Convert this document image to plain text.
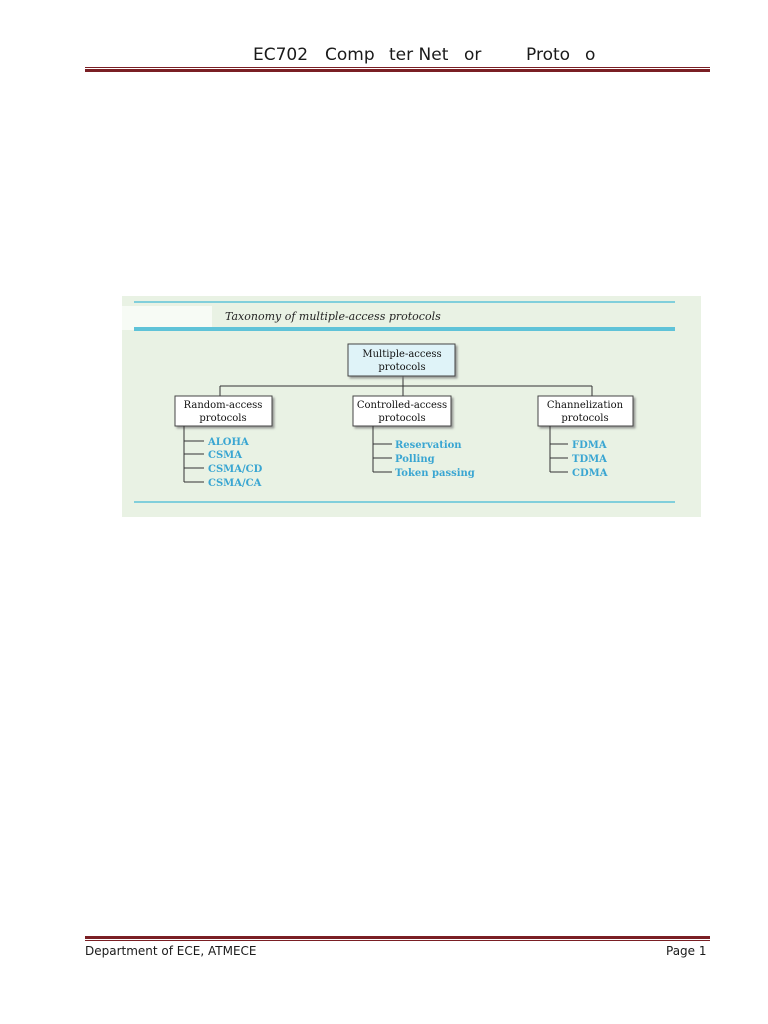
EC702 Comp ter Net or	Proto o
Taxonomy of multiple-access protocols
Multiple-access
protocols
Random-access
protocols
ALOHA
CSMA
CSMA/CD
CSMA/CA
Controlled-access
protocols
Reservation
Polling
Token passing
Channelization
protocols
FDMA
TDMA
CDMA
Department of ECE, ATMECE	Page 1
